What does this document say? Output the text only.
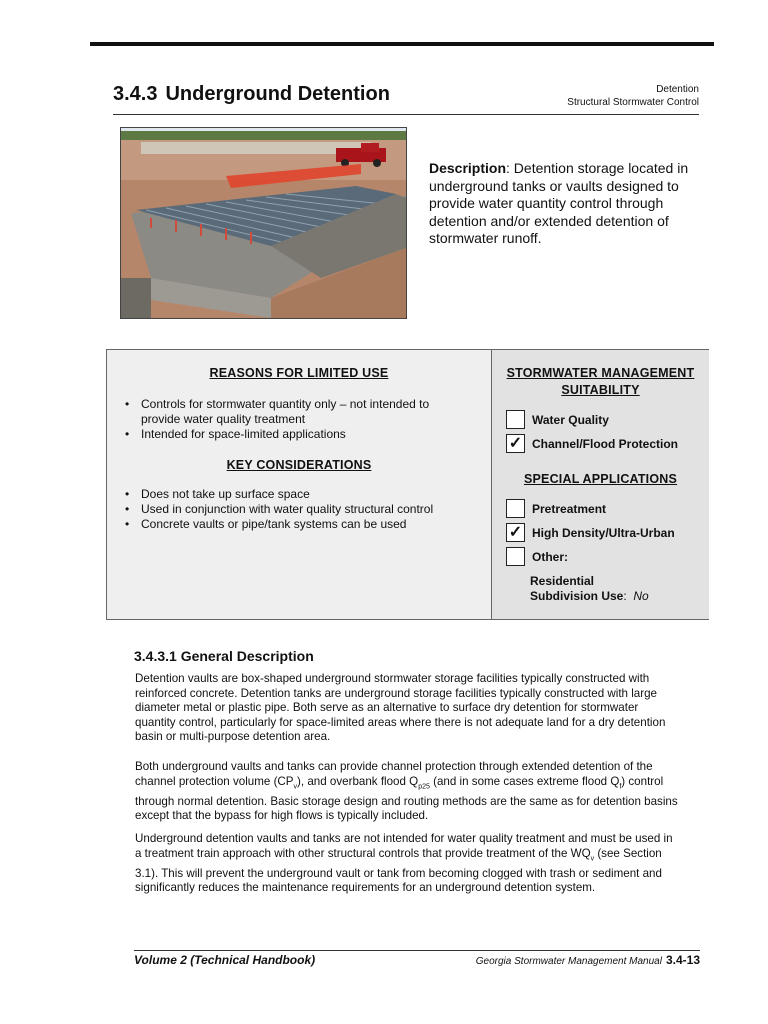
3.4.3 Underground Detention	Detention
Structural Stormwater Control
Description: Detention storage located in underground tanks or vaults designed to provide water quantity control through detention and/or extended detention of stormwater runoff.
REASONS FOR LIMITED USE
• Controls for stormwater quantity only – not intended to provide water quality treatment
• Intended for space-limited applications
KEY CONSIDERATIONS
• Does not take up surface space
• Used in conjunction with water quality structural control
• Concrete vaults or pipe/tank systems can be used
STORMWATER MANAGEMENT
SUITABILITY
Water Quality
✓ Channel/Flood Protection
SPECIAL APPLICATIONS
Pretreatment
✓ High Density/Ultra-Urban
Other:
Residential
Subdivision Use:  No
3.4.3.1 General Description

Detention vaults are box-shaped underground stormwater storage facilities typically constructed with reinforced concrete. Detention tanks are underground storage facilities typically constructed with large diameter metal or plastic pipe. Both serve as an alternative to surface dry detention for stormwater quantity control, particularly for space-limited areas where there is not adequate land for a dry detention basin or multi-purpose detention area.

Both underground vaults and tanks can provide channel protection through extended detention of the channel protection volume $(CP_v)$, and overbank flood $Q_{p25}$ (and in some cases extreme flood $Q_f$) control through normal detention. Basic storage design and routing methods are the same as for detention basins except that the bypass for high flows is typically included.

Underground detention vaults and tanks are not intended for water quality treatment and must be used in a treatment train approach with other structural controls that provide treatment of the $WQ_v$ (see Section 3.1). This will prevent the underground vault or tank from becoming clogged with trash or sediment and significantly reduces the maintenance requirements for an underground detention system.

Volume 2 (Technical Handbook)	Georgia Stormwater Management Manual 3.4-13
